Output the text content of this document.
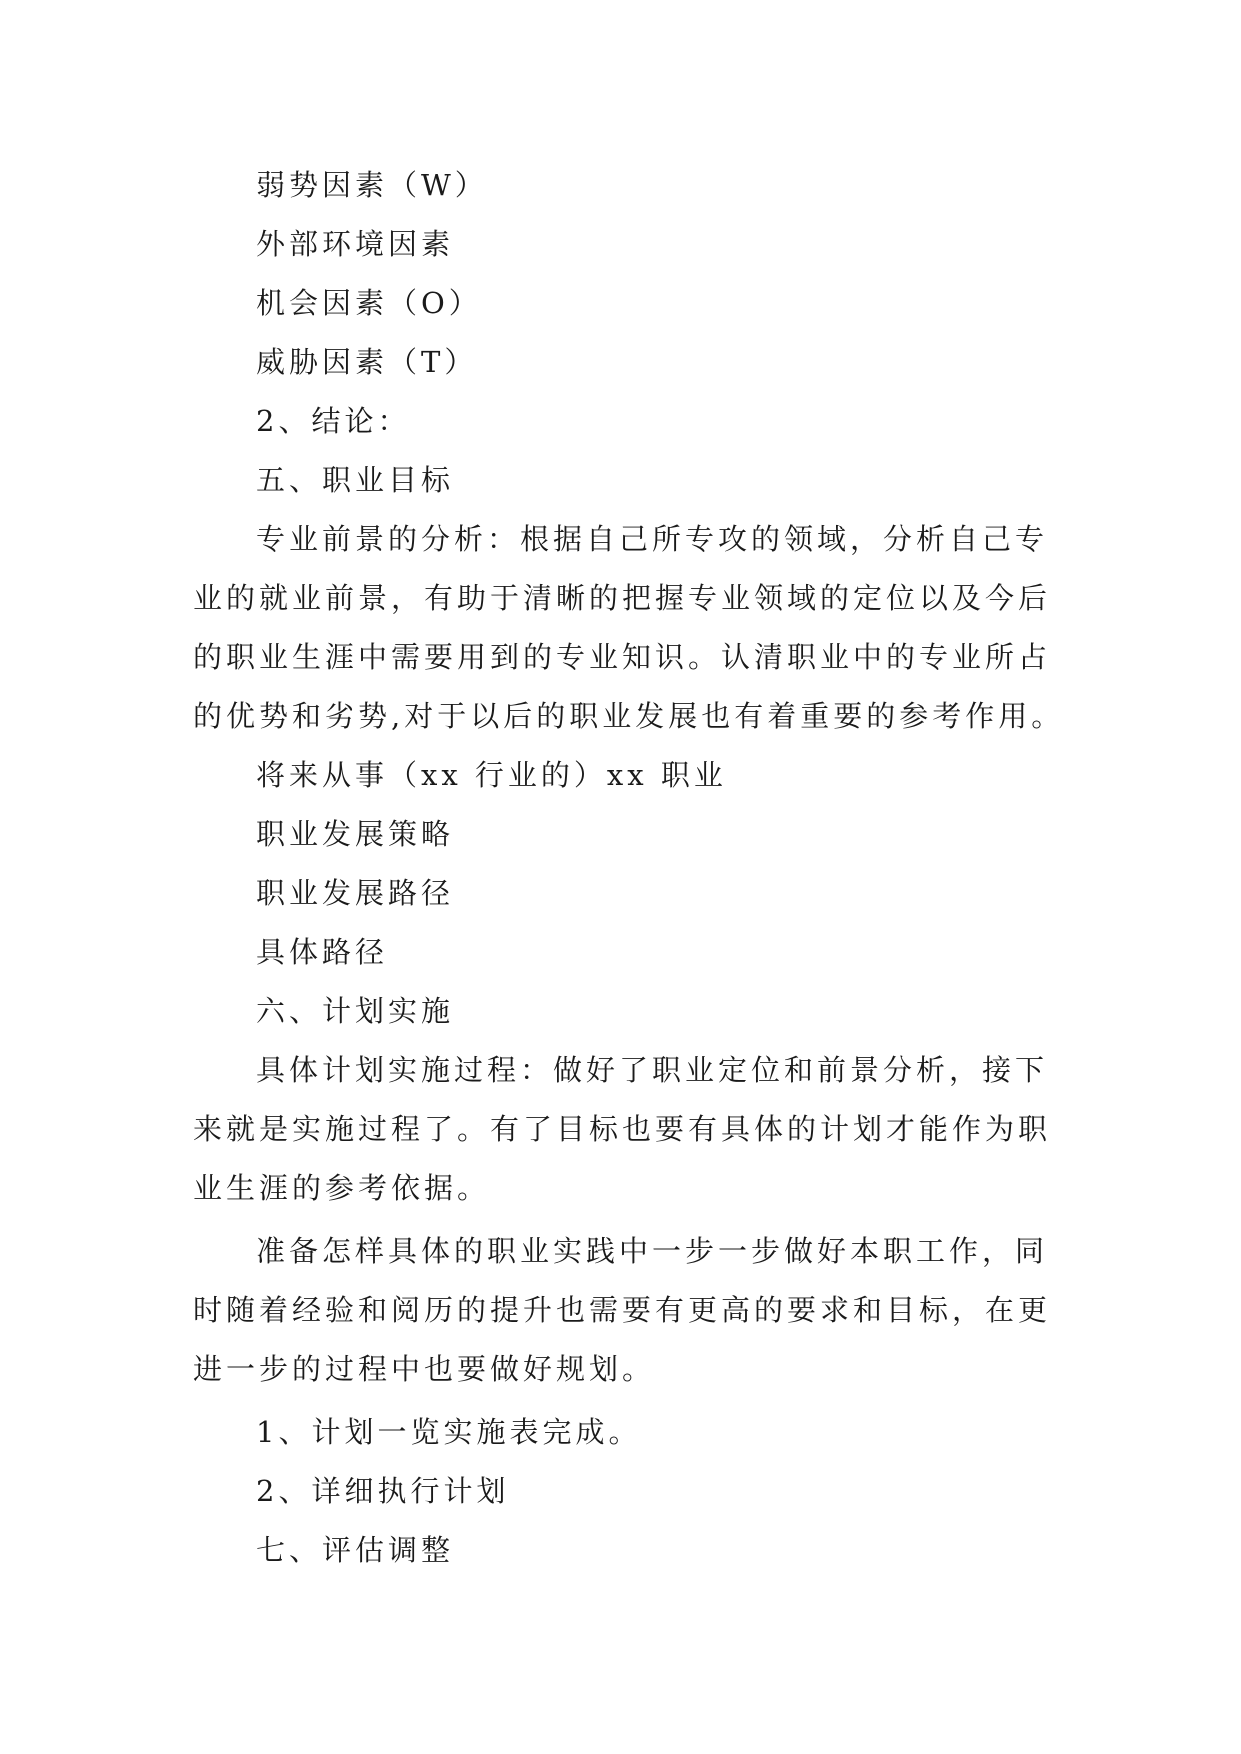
弱势因素（W）
外部环境因素
机会因素（O）
威胁因素（T）
2、结论：
五、职业目标
专业前景的分析：根据自己所专攻的领域，分析自己专
业的就业前景，有助于清晰的把握专业领域的定位以及今后
的职业生涯中需要用到的专业知识。认清职业中的专业所占
的优势和劣势,对于以后的职业发展也有着重要的参考作用。
将来从事（xx 行业的）xx 职业
职业发展策略
职业发展路径
具体路径
六、计划实施
具体计划实施过程：做好了职业定位和前景分析，接下
来就是实施过程了。有了目标也要有具体的计划才能作为职
业生涯的参考依据。
准备怎样具体的职业实践中一步一步做好本职工作，同
时随着经验和阅历的提升也需要有更高的要求和目标，在更
进一步的过程中也要做好规划。
1、计划一览实施表完成。
2、详细执行计划
七、评估调整
